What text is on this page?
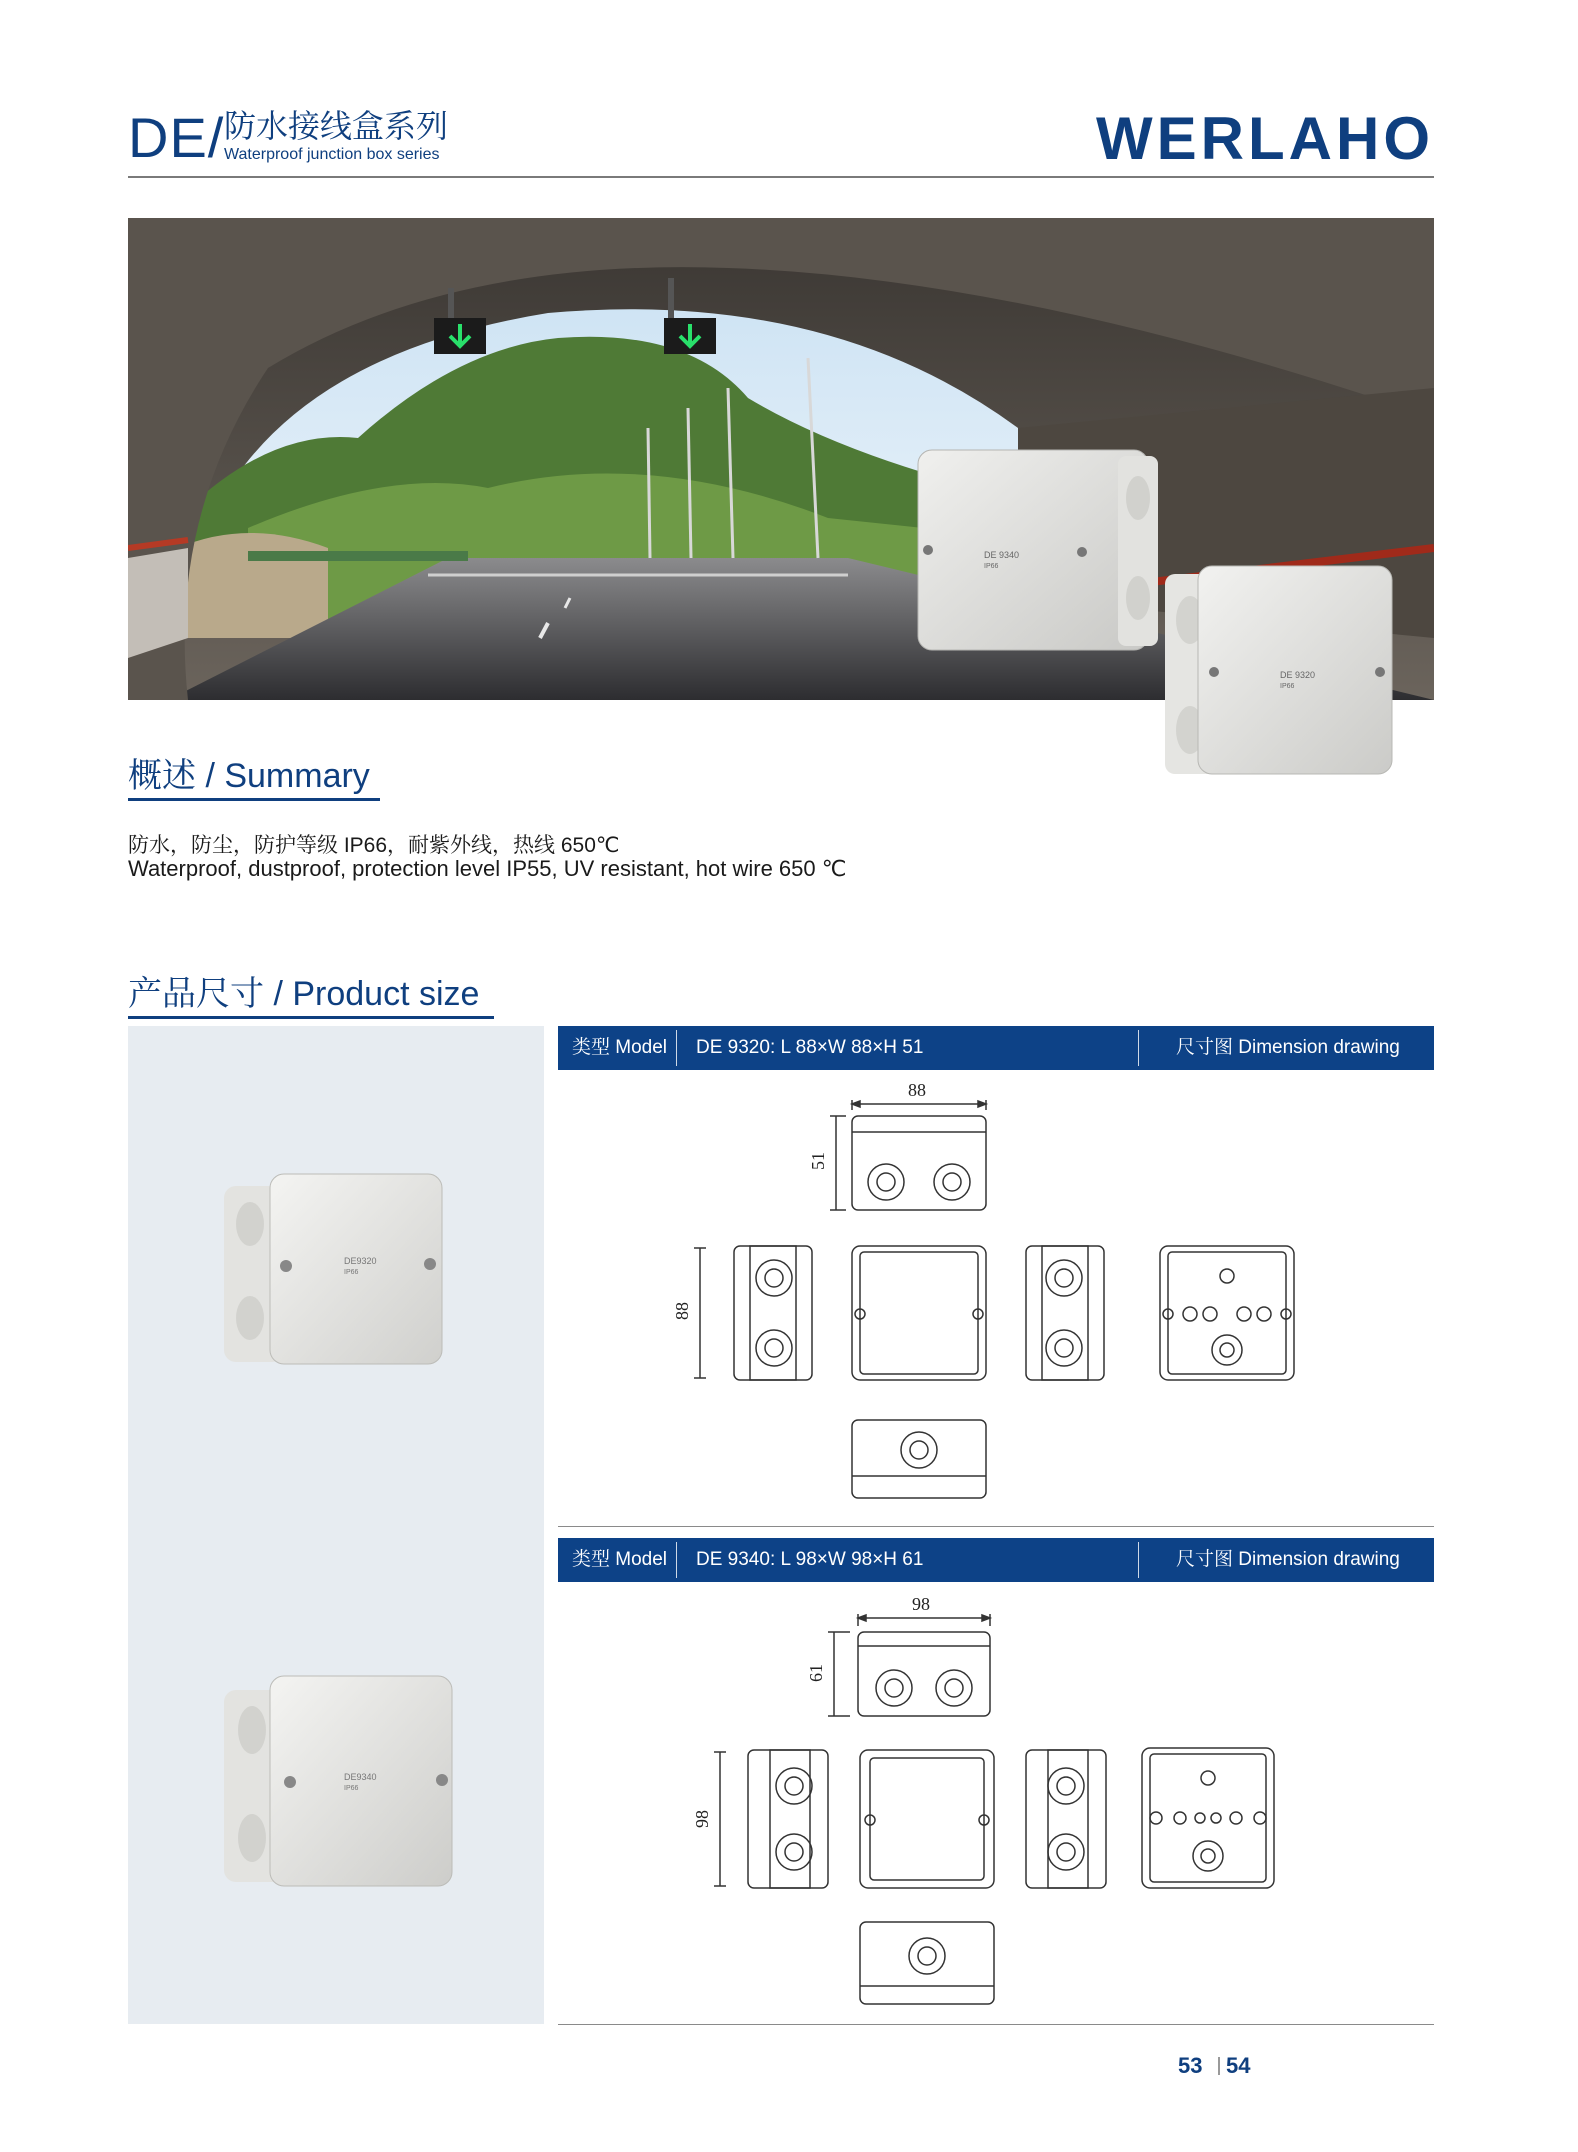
DE/ 防水接线盒系列
Waterproof junction box series	WERLAHO
DE 9340
IP66
DE 9320
IP66
概述 / Summary
防水，防尘，防护等级 IP66，耐紫外线，热线 650℃
Waterproof, dustproof, protection level IP55, UV resistant, hot wire 650 ℃
产品尺寸 / Product size
DE9320
IP66
DE9340
IP66
类型 Model DE 9320: L 88×W 88×H 51	尺寸图 Dimension drawing
88
51
88
类型 Model DE 9340: L 98×W 98×H 61	尺寸图 Dimension drawing
98
61
98
53 54
